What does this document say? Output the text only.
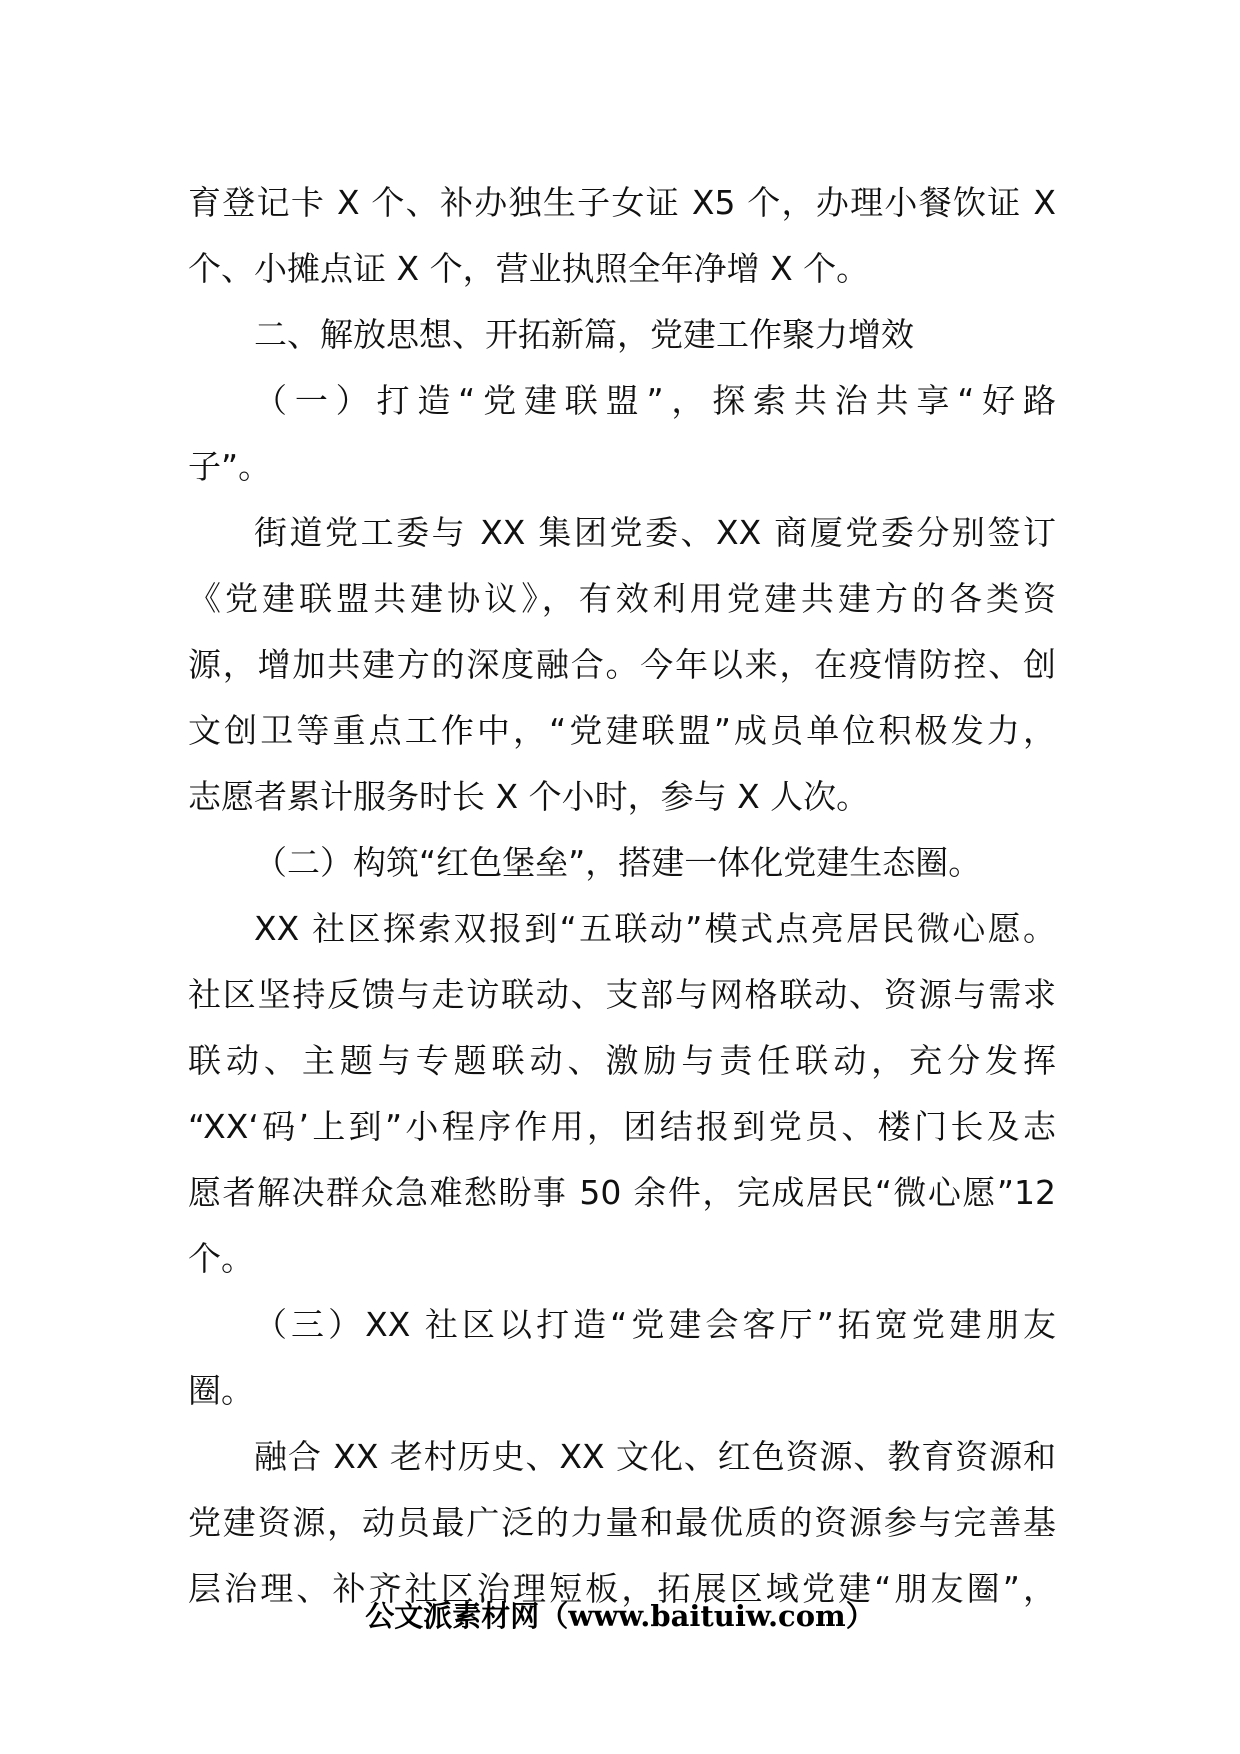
育登记卡 X 个、补办独生子女证 X5 个，办理小餐饮证 X
个、小摊点证 X 个，营业执照全年净增 X 个。
二、解放思想、开拓新篇，党建工作聚力增效
（一）打造“党建联盟”，探索共治共享“好路
子”。
街道党工委与 XX 集团党委、XX 商厦党委分别签订
《党建联盟共建协议》，有效利用党建共建方的各类资
源，增加共建方的深度融合。今年以来，在疫情防控、创
文创卫等重点工作中，“党建联盟”成员单位积极发力，
志愿者累计服务时长 X 个小时，参与 X 人次。
（二）构筑“红色堡垒”，搭建一体化党建生态圈。
XX 社区探索双报到“五联动”模式点亮居民微心愿。
社区坚持反馈与走访联动、支部与网格联动、资源与需求
联动、主题与专题联动、激励与责任联动，充分发挥
“XX‘码’上到”小程序作用，团结报到党员、楼门长及志
愿者解决群众急难愁盼事 50 余件，完成居民“微心愿”12
个。
（三）XX 社区以打造“党建会客厅”拓宽党建朋友
圈。
融合 XX 老村历史、XX 文化、红色资源、教育资源和
党建资源，动员最广泛的力量和最优质的资源参与完善基
层治理、补齐社区治理短板，拓展区域党建“朋友圈”，
公文派素材网（www.baituiw.com）
